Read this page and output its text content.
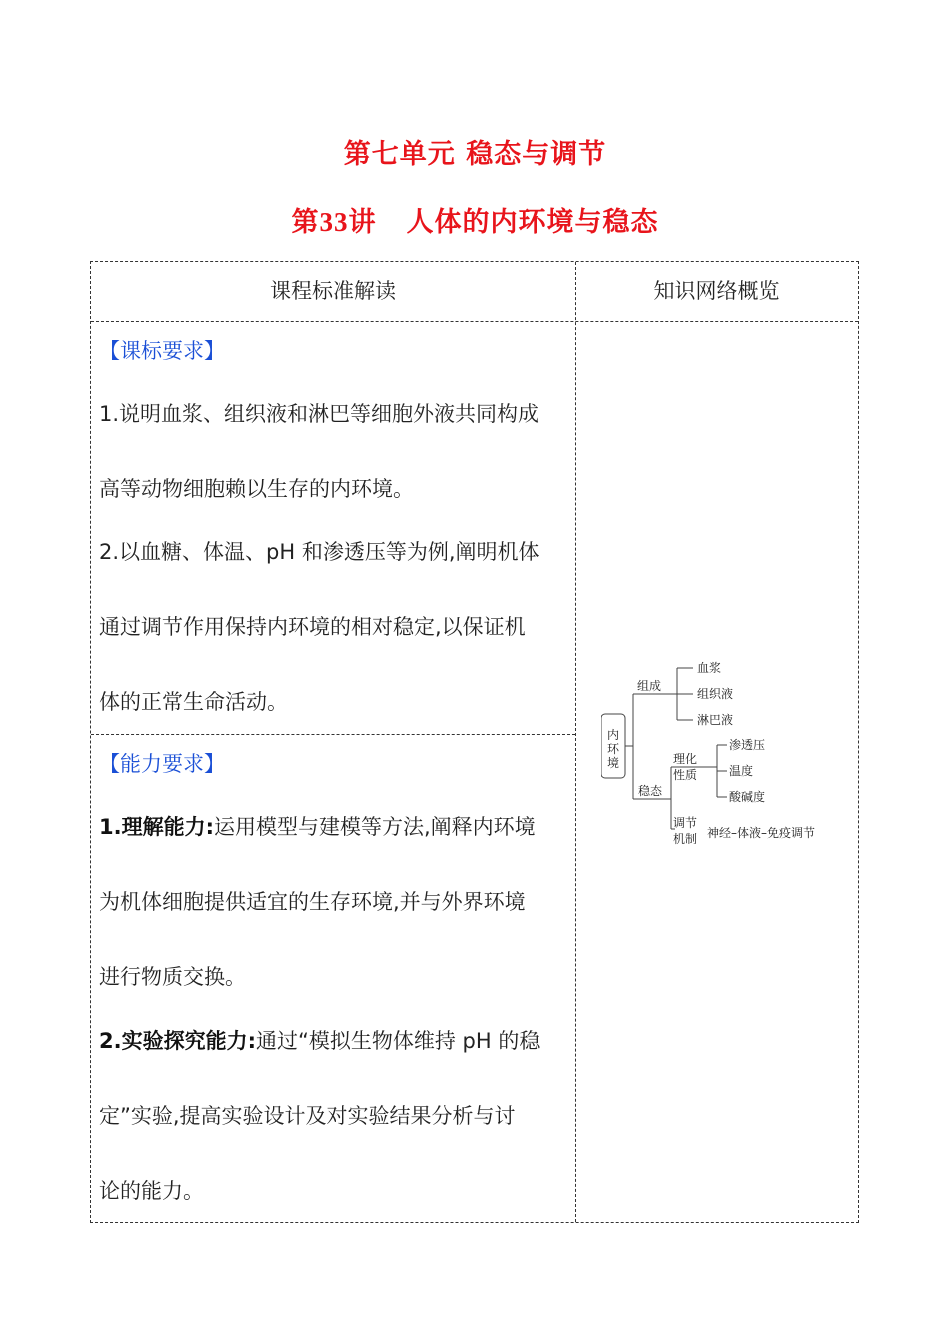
第七单元 稳态与调节
第33讲 人体的内环境与稳态
课程标准解读	知识网络概览
【课标要求】
1.说明血浆、组织液和淋巴等细胞外液共同构成
高等动物细胞赖以生存的内环境。
2.以血糖、体温、pH 和渗透压等为例,阐明机体
通过调节作用保持内环境的相对稳定,以保证机
体的正常生命活动。
【能力要求】
1.理解能力:运用模型与建模等方法,阐释内环境
为机体细胞提供适宜的生存环境,并与外界环境
进行物质交换。
2.实验探究能力:通过“模拟生物体维持 pH 的稳
定”实验,提高实验设计及对实验结果分析与讨
论的能力。
内
环
境
组成
稳态
血浆
组织液
淋巴液
理化
性质
调节
机制
渗透压
温度
酸碱度
神经–体液–免疫调节
